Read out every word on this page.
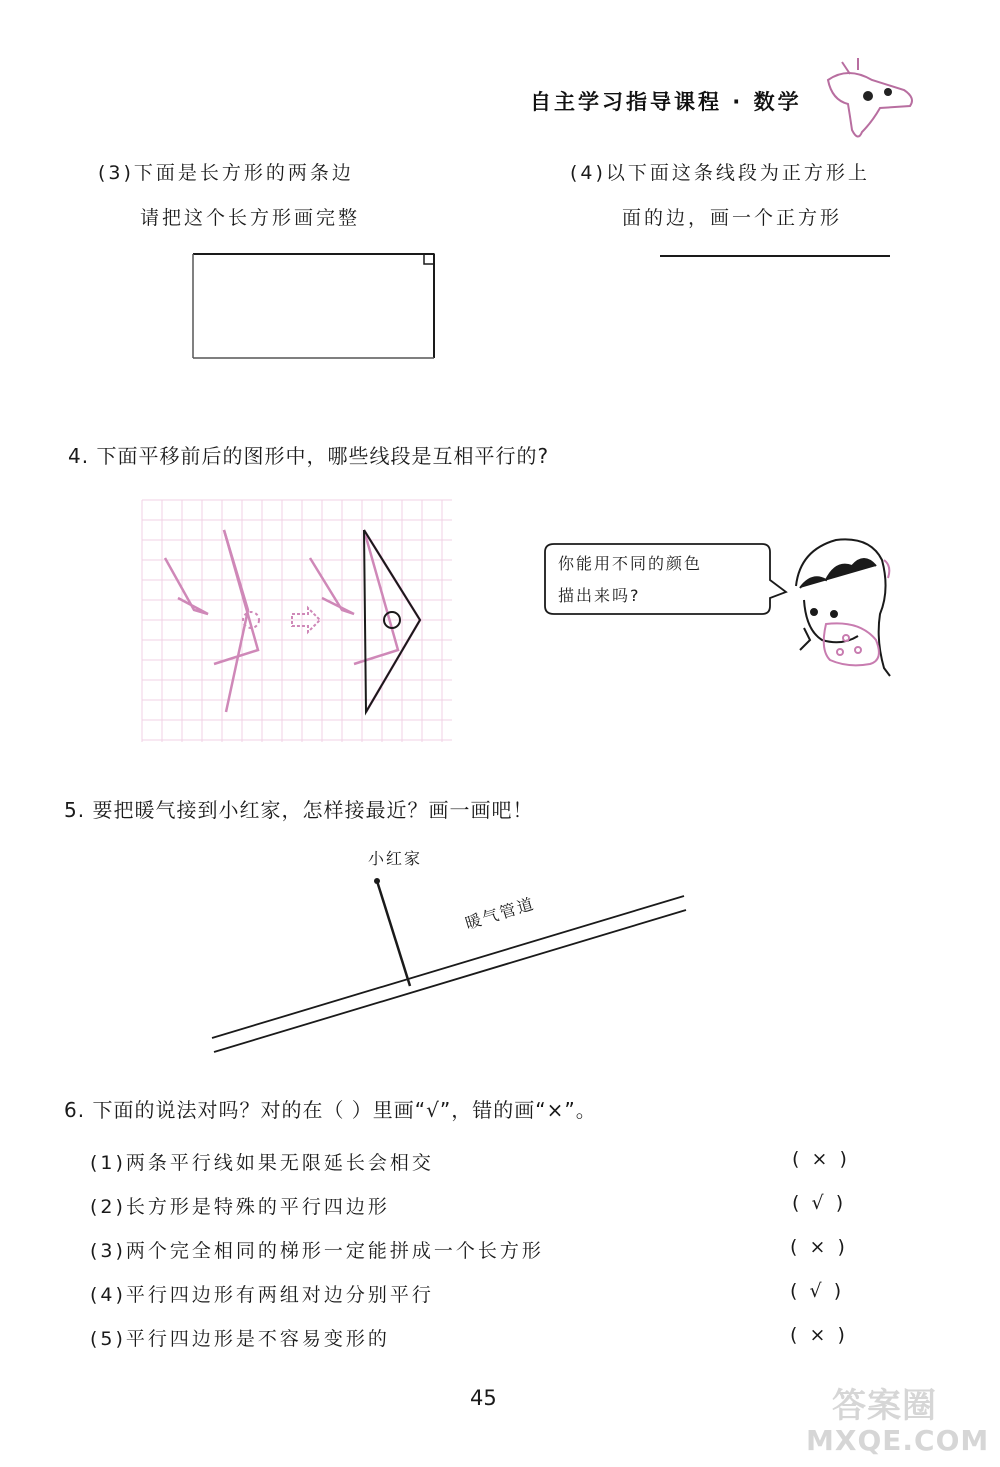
自主学习指导课程 · 数学
(3)下面是长方形的两条边
请把这个长方形画完整
(4)以下面这条线段为正方形上
面的边，画一个正方形
4. 下面平移前后的图形中，哪些线段是互相平行的?
你能用不同的颜色
描出来吗?
5. 要把暖气接到小红家，怎样接最近？画一画吧！
小红家
暖气管道
6. 下面的说法对吗？对的在（ ）里画“√”，错的画“×”。
(1)两条平行线如果无限延长会相交	(  ×  )
(2)长方形是特殊的平行四边形	(  √  )
(3)两个完全相同的梯形一定能拼成一个长方形	(  ×  )
(4)平行四边形有两组对边分别平行	(  √  )
(5)平行四边形是不容易变形的	(  ×  )
45	答案圈
MXQE.COM
